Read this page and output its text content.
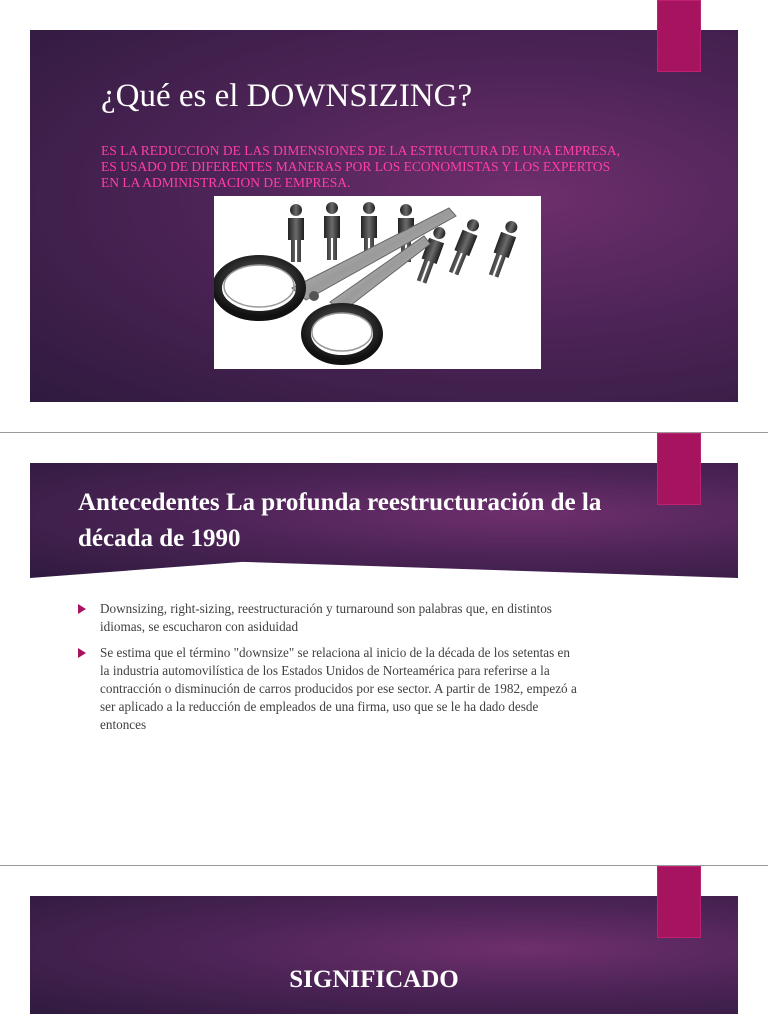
¿Qué es el DOWNSIZING?
ES LA REDUCCION DE LAS DIMENSIONES DE LA ESTRUCTURA DE UNA EMPRESA,
ES USADO DE DIFERENTES MANERAS POR LOS ECONOMISTAS Y LOS EXPERTOS
EN LA ADMINISTRACION DE EMPRESA.
Antecedentes La profunda reestructuración de la década de 1990
Downsizing, right-sizing, reestructuración y turnaround son palabras que, en distintos
idiomas, se escucharon con asiduidad
Se estima que el término "downsize" se relaciona al inicio de la década de los setentas en
la industria automovilística de los Estados Unidos de Norteamérica para referirse a la
contracción o disminución de carros producidos por ese sector. A partir de 1982, empezó a
ser aplicado a la reducción de empleados de una firma, uso que se le ha dado desde
entonces
SIGNIFICADO
